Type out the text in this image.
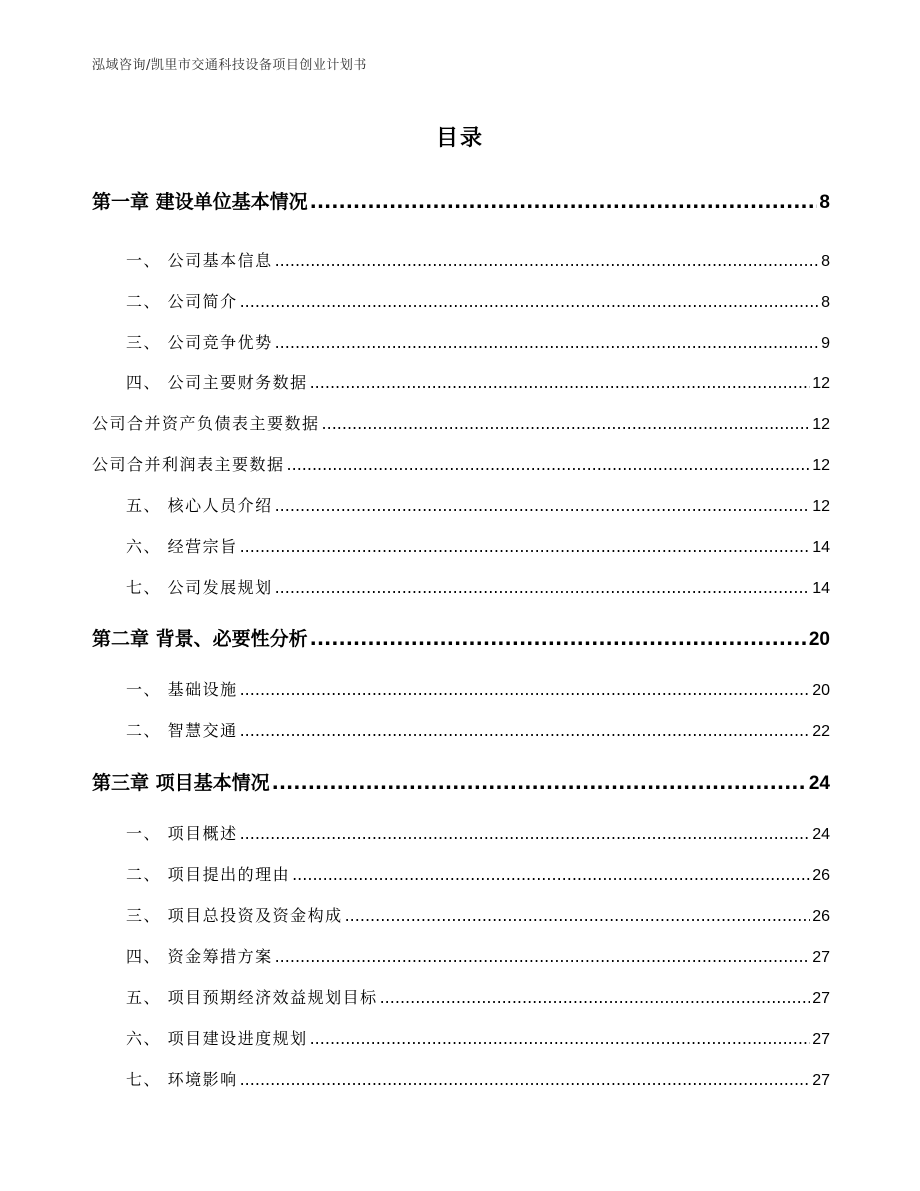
泓域咨询/凯里市交通科技设备项目创业计划书
目录
第一章 建设单位基本情况 .....	8
一、 公司基本信息 .....	8
二、 公司简介 .....	8
三、 公司竞争优势 .....	9
四、 公司主要财务数据 .....	12
公司合并资产负债表主要数据 .....	12
公司合并利润表主要数据 .....	12
五、 核心人员介绍 .....	12
六、 经营宗旨 .....	14
七、 公司发展规划 .....	14
第二章 背景、必要性分析 .....	20
一、 基础设施 .....	20
二、 智慧交通 .....	22
第三章 项目基本情况 .....	24
一、 项目概述 .....	24
二、 项目提出的理由 .....	26
三、 项目总投资及资金构成 .....	26
四、 资金筹措方案 .....	27
五、 项目预期经济效益规划目标 .....	27
六、 项目建设进度规划 .....	27
七、 环境影响 .....	27
